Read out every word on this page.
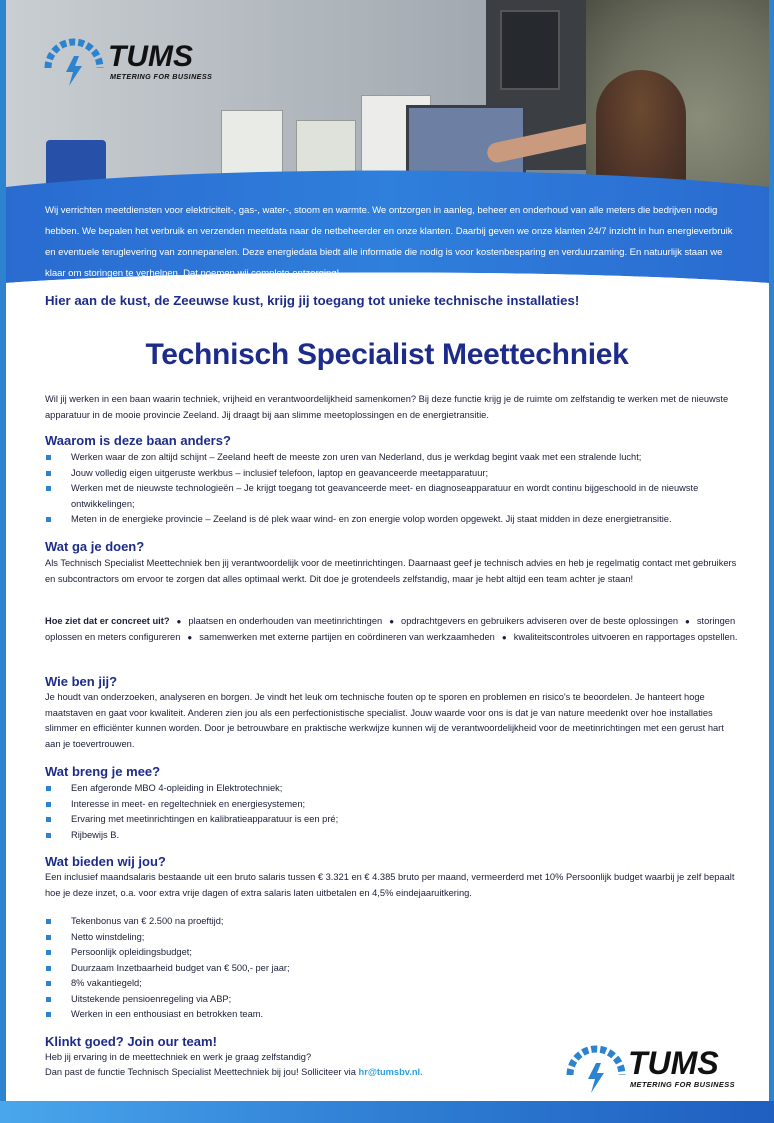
TUMS
METERING FOR BUSINESS
Wij verrichten meetdiensten voor elektriciteit-, gas-, water-, stoom en warmte. We ontzorgen in aanleg, beheer en onderhoud van alle meters die bedrijven nodig hebben. We bepalen het verbruik en verzenden meetdata naar de netbeheerder en onze klanten. Daarbij geven we onze klanten 24/7 inzicht in hun energieverbruik en eventuele teruglevering van zonnepanelen. Deze energiedata biedt alle informatie die nodig is voor kostenbesparing en verduurzaming. En natuurlijk staan we klaar om storingen te verhelpen. Dat noemen wij complete ontzorging!
Hier aan de kust, de Zeeuwse kust, krijg jij toegang tot unieke technische installaties!
Technisch Specialist Meettechniek
Wil jij werken in een baan waarin techniek, vrijheid en verantwoordelijkheid samenkomen? Bij deze functie krijg je de ruimte om zelfstandig te werken met de nieuwste apparatuur in de mooie provincie Zeeland. Jij draagt bij aan slimme meetoplossingen en de energietransitie.
Waarom is deze baan anders?
Werken waar de zon altijd schijnt – Zeeland heeft de meeste zon uren van Nederland, dus je werkdag begint vaak met een stralende lucht;
Jouw volledig eigen uitgeruste werkbus – inclusief telefoon, laptop en geavanceerde meetapparatuur;
Werken met de nieuwste technologieën – Je krijgt toegang tot geavanceerde meet- en diagnoseapparatuur en wordt continu bijgeschoold in de nieuwste ontwikkelingen;
Meten in de energieke provincie – Zeeland is dé plek waar wind- en zon energie volop worden opgewekt. Jij staat midden in deze energietransitie.
Wat ga je doen?
Als Technisch Specialist Meettechniek ben jij verantwoordelijk voor de meetinrichtingen. Daarnaast geef je technisch advies en heb je regelmatig contact met gebruikers en subcontractors om ervoor te zorgen dat alles optimaal werkt. Dit doe je grotendeels zelfstandig, maar je hebt altijd een team achter je staan!
Hoe ziet dat er concreet uit? ● plaatsen en onderhouden van meetinrichtingen ● opdrachtgevers en gebruikers adviseren over de beste oplossingen ● storingen oplossen en meters configureren ● samenwerken met externe partijen en coördineren van werkzaamheden ● kwaliteitscontroles uitvoeren en rapportages opstellen.
Wie ben jij?
Je houdt van onderzoeken, analyseren en borgen. Je vindt het leuk om technische fouten op te sporen en problemen en risico's te beoordelen. Je hanteert hoge maatstaven en gaat voor kwaliteit. Anderen zien jou als een perfectionistische specialist. Jouw waarde voor ons is dat je van nature meedenkt over hoe installaties slimmer en efficiënter kunnen worden. Door je betrouwbare en praktische werkwijze kunnen wij de verantwoordelijkheid voor de meetinrichtingen met een gerust hart aan je toevertrouwen.
Wat breng je mee?
Een afgeronde MBO 4-opleiding in Elektrotechniek;
Interesse in meet- en regeltechniek en energiesystemen;
Ervaring met meetinrichtingen en kalibratieapparatuur is een pré;
Rijbewijs B.
Wat bieden wij jou?
Een inclusief maandsalaris bestaande uit een bruto salaris tussen € 3.321 en € 4.385 bruto per maand, vermeerderd met 10% Persoonlijk budget waarbij je zelf bepaalt hoe je deze inzet, o.a. voor extra vrije dagen of extra salaris laten uitbetalen en 4,5% eindejaaruitkering.
Tekenbonus van € 2.500 na proeftijd;
Netto winstdeling;
Persoonlijk opleidingsbudget;
Duurzaam Inzetbaarheid budget van € 500,- per jaar;
8% vakantiegeld;
Uitstekende pensioenregeling via ABP;
Werken in een enthousiast en betrokken team.
Klinkt goed? Join our team!
Heb jij ervaring in de meettechniek en werk je graag zelfstandig?
Dan past de functie Technisch Specialist Meettechniek bij jou! Solliciteer via hr@tumsbv.nl.	TUMS
METERING FOR BUSINESS
